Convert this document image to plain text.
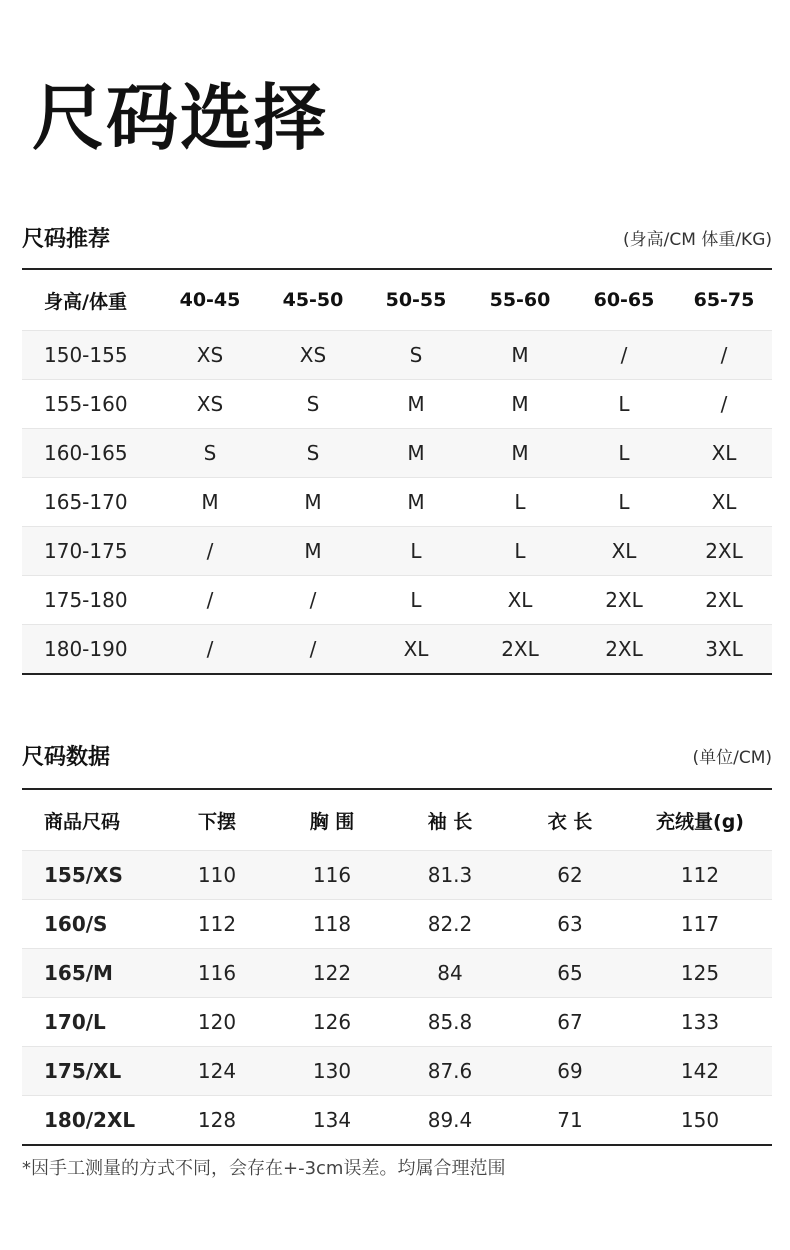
尺码选择
尺码推荐	(身高/CM 体重/KG)
身高/体重	40-45	45-50	50-55	55-60	60-65	65-75
150-155	XS	XS	S	M	/	/
155-160	XS	S	M	M	L	/
160-165	S	S	M	M	L	XL
165-170	M	M	M	L	L	XL
170-175	/	M	L	L	XL	2XL
175-180	/	/	L	XL	2XL	2XL
180-190	/	/	XL	2XL	2XL	3XL
尺码数据	(单位/CM)
商品尺码	下摆	胸 围	袖 长	衣 长	充绒量(g)
155/XS	110	116	81.3	62	112
160/S	112	118	82.2	63	117
165/M	116	122	84	65	125
170/L	120	126	85.8	67	133
175/XL	124	130	87.6	69	142
180/2XL	128	134	89.4	71	150
*因手工测量的方式不同，会存在+-3cm误差。均属合理范围
